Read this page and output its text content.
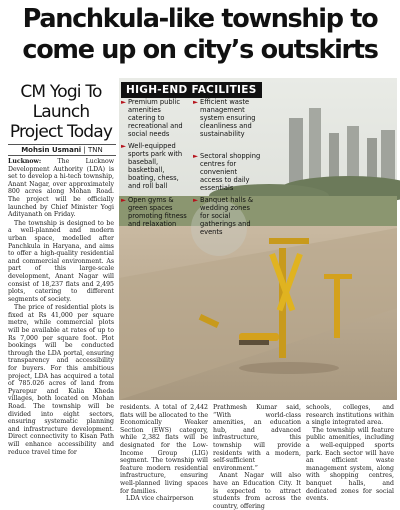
Panchkula-like township to
come up on city’s outskirts
CM Yogi To
Launch
Project Today
Mohsin Usmani | TNN

Lucknow:	The Lucknow Development Authority (LDA) is set to develop a hi-tech township, Anant Nagar, over approximately 800 acres along Mohan Road. The project will be officially launched by Chief Minister Yogi Adityanath on Friday.

The township is designed to be a well-planned and modern urban space, modelled after Panchkula in Haryana, and aims to offer a high-quality residential and commercial environment. As part of this large-scale development, Anant Nagar will consist of 18,237 flats and 2,495 plots, catering to different segments of society.

The price of residential plots is fixed at Rs 41,000 per square metre, while commercial plots will be available at rates of up to Rs 7,000 per square foot. Plot bookings will be conducted through the LDA portal, ensuring transparency and accessibility for buyers. For this ambitious project, LDA has acquired a total of 785.026 acres of land from Pyarepur and Kalia Kheda villages, both located on Mohan Road. The township will be divided into eight sectors, ensuring systematic planning and infrastructure development. Direct connectivity to Kisan Path will enhance accessibility and reduce travel time for

HIGH-END FACILITIES
► Premium public amenities catering to recreational and social needs
► Well-equipped sports park with baseball, basketball, boating, chess, and roll ball
► Open gyms & green spaces promoting fitness and relaxation
► Efficient waste management system ensuring cleanliness and sustainability
► Sectoral shopping centres for convenient access to daily essentials
► Banquet halls & wedding zones for social gatherings and events

residents. A total of 2,442 flats will be allocated to the Economically Weaker Section (EWS) category, while 2,382 flats will be designated for the Low-Income Group (LIG) segment. The township will feature modern residential infrastructure, ensuring well-planned living spaces for families.

LDA vice chairperson

Prathmesh Kumar said, “With world-class amenities, an education hub, and advanced infrastructure, this township will provide residents with a modern, self-sufficient environment.”

Anant Nagar will also have an Education City. It is expected to attract students from across the country, offering

schools, colleges, and research institutions within a single integrated area.

The township will feature public amenities, including a well-equipped sports park. Each sector will have an efficient waste management system, along with shopping centres, banquet halls, and dedicated zones for social events.
